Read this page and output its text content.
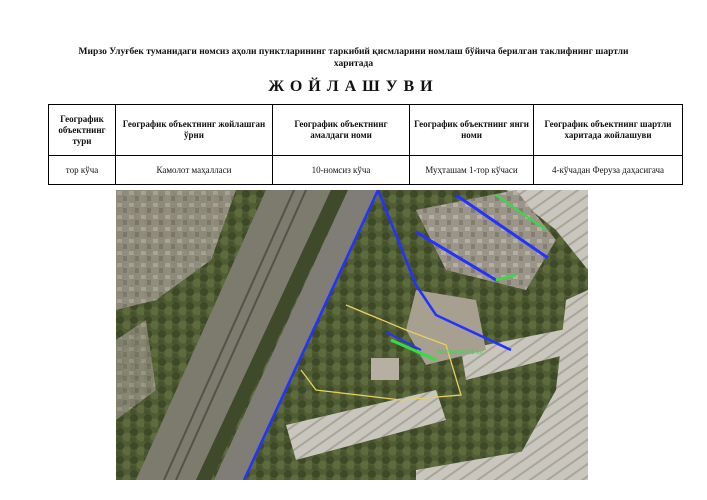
Мирзо Улуғбек туманидаги номсиз аҳоли пунктларининг таркибий қисмларини номлаш бўйича берилган таклифнинг шартли харитада
ЖОЙЛАШУВИ
Географик объектнинг тури	Географик объектнинг жойлашган ўрни	Географик объектнинг амалдаги номи	Географик объектнинг янги номи	Географик объектнинг шартли харитада жойлашуви
тор кўча	Камолот маҳалласи	10-номсиз кўча	Муҳташам 1-тор кўчаси	4-кўчадан Феруза даҳасигача
Muhtasham 1-tor
